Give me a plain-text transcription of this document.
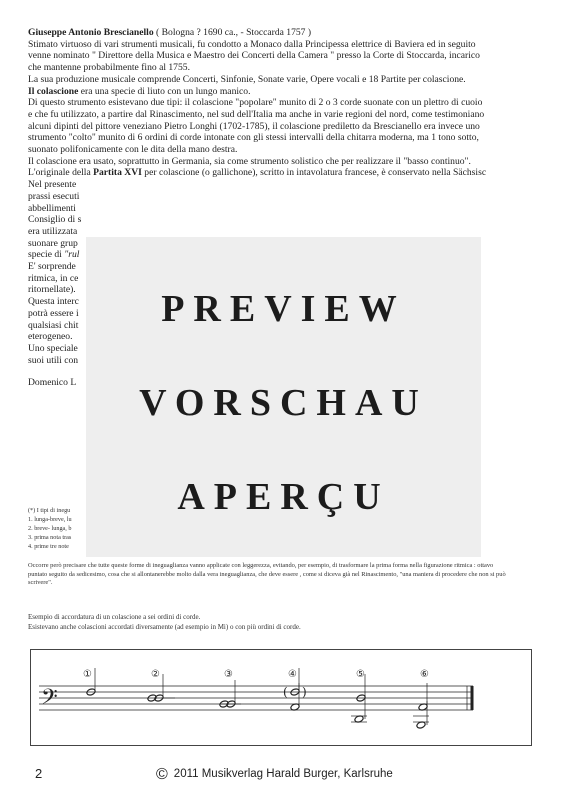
Giuseppe Antonio Brescianello ( Bologna ? 1690 ca., - Stoccarda 1757 )

Stimato virtuoso di vari strumenti musicali, fu condotto a Monaco dalla Principessa elettrice di Baviera ed in seguito venne nominato " Direttore della Musica e Maestro dei Concerti della Camera " presso la Corte di Stoccarda, incarico che mantenne probabilmente fino al 1755.

La sua produzione musicale comprende Concerti, Sinfonie, Sonate varie, Opere vocali e 18 Partite per colascione.

Il colascione era una specie di liuto con un lungo manico.

Di questo strumento esistevano due tipi: il colascione "popolare" munito di 2 o 3 corde suonate con un plettro di cuoio e che fu utilizzato, a partire dal Rinascimento, nel sud dell'Italia ma anche in varie regioni del nord, come testimoniano alcuni dipinti del pittore veneziano Pietro Longhi (1702-1785), il colascione prediletto da Brescianello era invece uno strumento "colto" munito di 6 ordini di corde intonate con gli stessi intervalli della chitarra moderna, ma 1 tono sotto, suonato polifonicamente con le dita della mano destra.

Il colascione era usato, soprattutto in Germania, sia come strumento solistico che per realizzare il "basso continuo".

L'originale della Partita XVI per colascione (o gallichone), scritto in intavolatura francese, è conservato nella Sächsisc

Nel presente

prassi esecuti

abbellimenti

Consiglio di s

era utilizzata

suonare grup

specie di "rul

E' sorprende

ritmica, in ce

ritornellate).

Questa interc

potrà essere i

qualsiasi chit

eterogeneo.

Uno speciale

suoi utili con

Domenico L

(*) I tipi di inegu
1. lunga-breve, lu
2. breve- lunga, b
3. prima nota tras
4. prime tre note
Occorre però precisare che tutte queste forme di ineguaglianza vanno applicate con leggerezza, evitando, per esempio, di trasformare la prima forma nella figurazione ritmica : ottavo puntato seguito da sedicesimo, cosa che si allontanerebbe molto dalla vera ineguaglianza, che deve essere , come si diceva già nel Rinascimento, "una maniera di procedere che non si può scrivere".
Esempio di accordatura di un colascione a sei ordini di corde.
Esistevano anche colascioni accordati diversamente (ad esempio in Mi) o con più ordini di corde.
PREVIEW
VORSCHAU
APERÇU
𝄢	( )
①	②	③	④	⑤	⑥
2	© 2011 Musikverlag Harald Burger, Karlsruhe
